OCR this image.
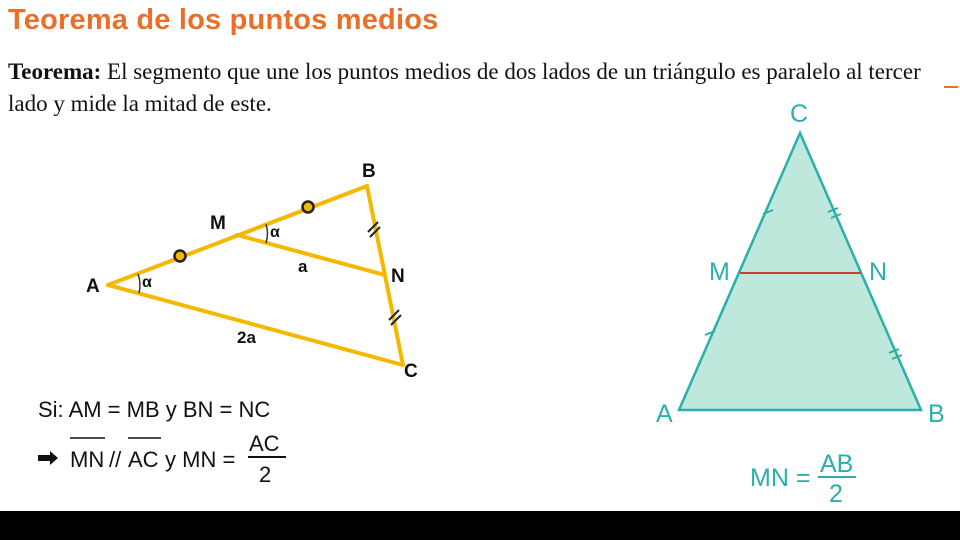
Teorema de los puntos medios
Teorema: El segmento que une los puntos medios de dos lados de un triángulo es paralelo al tercer lado y mide la mitad de este.
A
B
C
M
N
α
α
a
2a
Si: AM = MB y BN = NC
MN // AC y MN =
AC
2
C
M	N
A	B
MN = AB
2
